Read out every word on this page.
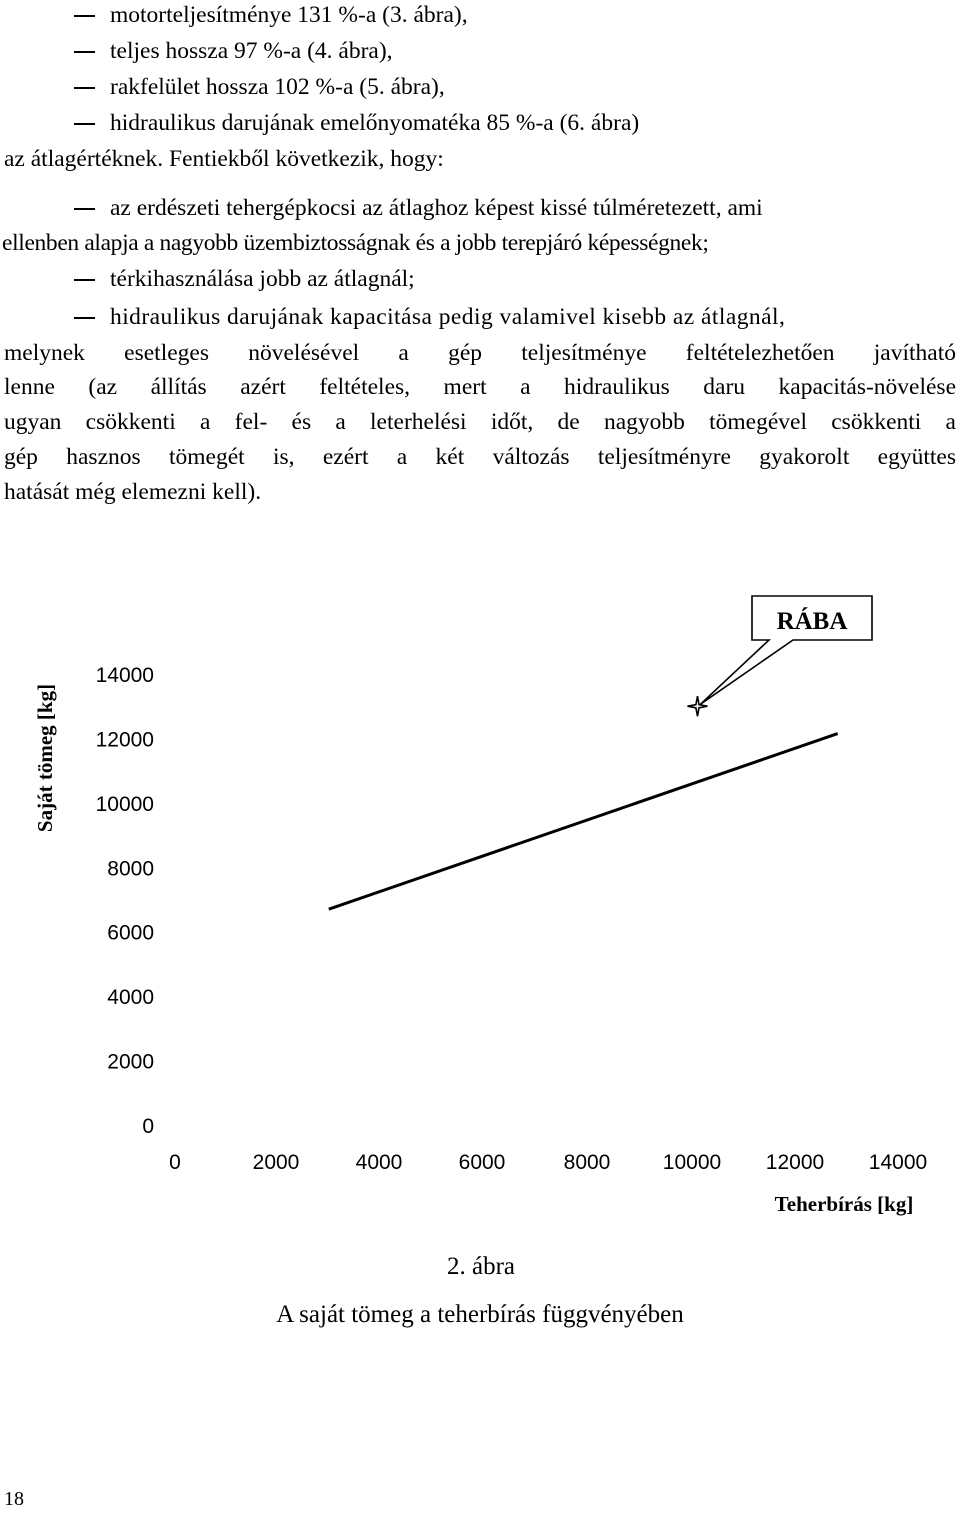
motorteljesítménye 131 %-a (3. ábra),
teljes hossza 97 %-a (4. ábra),
rakfelület hossza 102 %-a (5. ábra),
hidraulikus darujának emelőnyomatéka 85 %-a (6. ábra)
az átlagértéknek. Fentiekből következik, hogy:
az erdészeti tehergépkocsi az átlaghoz képest kissé túlméretezett, ami
ellenben alapja a nagyobb üzembiztosságnak és a jobb terepjáró képességnek;
térkihasználása jobb az átlagnál;
hidraulikus darujának kapacitása pedig valamivel kisebb az átlagnál,
melynek esetleges növelésével a gép teljesítménye feltételezhetően javítható
lenne (az állítás azért feltételes, mert a hidraulikus daru kapacitás-növelése
ugyan csökkenti a fel- és a leterhelési időt, de nagyobb tömegével csökkenti a
gép hasznos tömegét is, ezért a két változás teljesítményre gyakorolt együttes
hatását még elemezni kell).
14000
12000
10000
8000
6000
4000
2000
0
0	2000	4000	6000	8000 10000 12000 14000
Teherbírás [kg]
Saját tömeg [kg]
RÁBA
2. ábra
A saját tömeg a teherbírás függvényében
18
